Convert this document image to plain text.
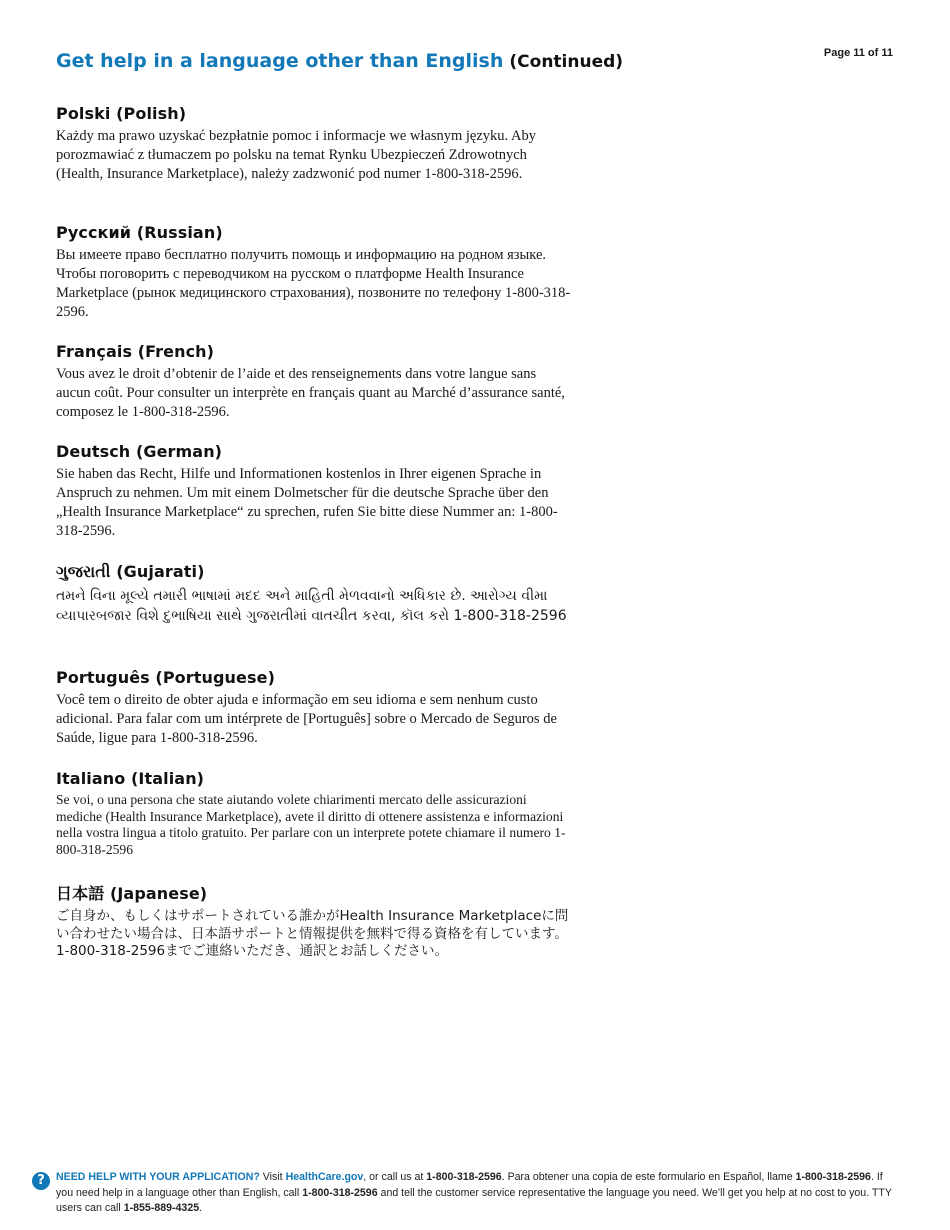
Page 11 of 11
Get help in a language other than English (Continued)
Polski (Polish)

Każdy ma prawo uzyskać bezpłatnie pomoc i informacje we własnym języku. Aby porozmawiać z tłumaczem po polsku na temat Rynku Ubezpieczeń Zdrowotnych (Health, Insurance Marketplace), należy zadzwonić pod numer 1-800-318-2596.

Русский (Russian)

Вы имеете право бесплатно получить помощь и информацию на родном языке. Чтобы поговорить с переводчиком на русском о платформе Health Insurance Marketplace (рынок медицинского страхования), позвоните по телефону 1-800-318-2596.

Français (French)

Vous avez le droit d’obtenir de l’aide et des renseignements dans votre langue sans aucun coût. Pour consulter un interprète en français quant au Marché d’assurance santé, composez le 1-800-318-2596.

Deutsch (German)

Sie haben das Recht, Hilfe und Informationen kostenlos in Ihrer eigenen Sprache in Anspruch zu nehmen. Um mit einem Dolmetscher für die deutsche Sprache über den „Health Insurance Marketplace“ zu sprechen, rufen Sie bitte diese Nummer an: 1-800-318-2596.

ગુજરાતી (Gujarati)

તમને વિના મૂલ્યે તમારી ભાષામાં મદદ અને માહિતી મેળવવાનો અધિકાર છે. આરોગ્ય વીમા વ્યાપારબજાર વિશે દુભાષિયા સાથે ગુજરાતીમાં વાતચીત કરવા, કૉલ કરો 1-800-318-2596

Português (Portuguese)

Você tem o direito de obter ajuda e informação em seu idioma e sem nenhum custo adicional. Para falar com um intérprete de [Português] sobre o Mercado de Seguros de Saúde, ligue para 1-800-318-2596.

Italiano (Italian)

Se voi, o una persona che state aiutando volete chiarimenti mercato delle assicurazioni mediche (Health Insurance Marketplace), avete il diritto di ottenere assistenza e informazioni nella vostra lingua a titolo gratuito. Per parlare con un interprete potete chiamare il numero 1-800-318-2596

日本語 (Japanese)

ご自身か、もしくはサポートされている誰かがHealth Insurance Marketplaceに問い合わせたい場合は、日本語サポートと情報提供を無料で得る資格を有しています。1-800-318-2596までご連絡いただき、通訳とお話しください。

?	NEED HELP WITH YOUR APPLICATION? Visit HealthCare.gov, or call us at 1-800-318-2596. Para obtener una copia de este formulario en Español, llame 1-800-318-2596. If you need help in a language other than English, call 1-800-318-2596 and tell the customer service representative the language you need. We’ll get you help at no cost to you. TTY users can call 1-855-889-4325.
